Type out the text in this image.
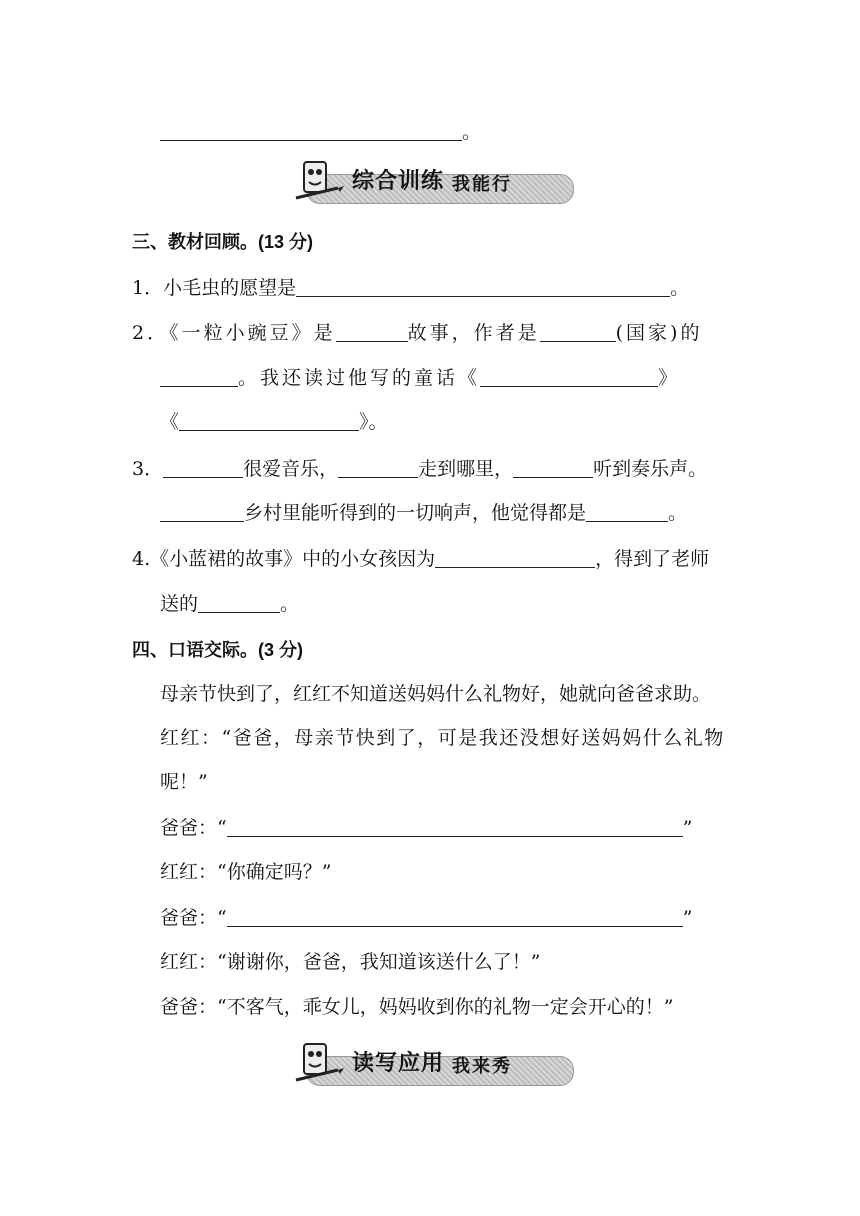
。
综合训练 我能行
三、教材回顾。(13 分)
1．小毛虫的愿望是	。
2．《一粒小豌豆》是	故事，作者是	(国家)的
。我还读过他写的童话《	》
《	》。
3．	很爱音乐，	走到哪里，	听到奏乐声。
乡村里能听得到的一切响声，他觉得都是	。
4.《小蓝裙的故事》中的小女孩因为	，得到了老师
送的	。
四、口语交际。(3 分)
母亲节快到了，红红不知道送妈妈什么礼物好，她就向爸爸求助。
红红：“爸爸，母亲节快到了，可是我还没想好送妈妈什么礼物
呢！”
爸爸：“	”
红红：“你确定吗？”
爸爸：“	”
红红：“谢谢你，爸爸，我知道该送什么了！”
爸爸：“不客气，乖女儿，妈妈收到你的礼物一定会开心的！”
读写应用 我来秀
